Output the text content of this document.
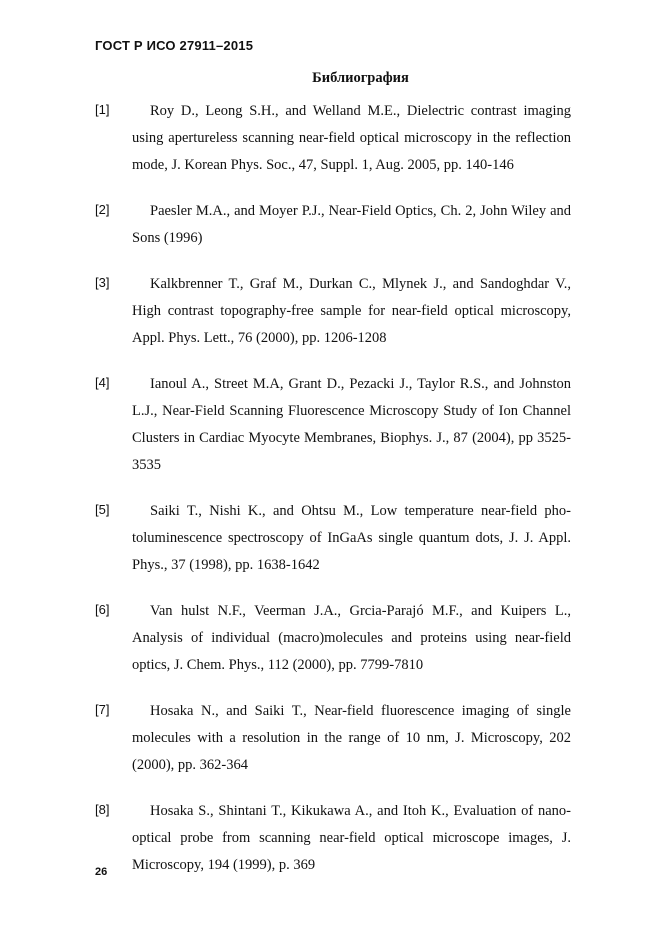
ГОСТ Р ИСО 27911–2015
Библиография
[1]	Roy D., Leong S.H., and Welland M.E., Dielectric contrast imaging using apertureless scanning near-field optical microscopy in the reflection mode, J. Korean Phys. Soc., 47, Suppl. 1, Aug. 2005, pp. 140-146
[2]	Paesler M.A., and Moyer P.J., Near-Field Optics, Ch. 2, John Wiley and Sons (1996)
[3]	Kalkbrenner T., Graf M., Durkan C., Mlynek J., and Sandoghdar V., High contrast topography-free sample for near-field optical microscopy, Appl. Phys. Lett., 76 (2000), pp. 1206-1208
[4]	Ianoul A., Street M.A, Grant D., Pezacki J., Taylor R.S., and Johnston L.J., Near-Field Scanning Fluorescence Microscopy Study of Ion Channel Clusters in Cardiac Myocyte Membranes, Biophys. J., 87 (2004), pp 3525-3535
[5]	Saiki T., Nishi K., and Ohtsu M., Low temperature near-field photoluminescence spectroscopy of InGaAs single quantum dots, J. J. Appl. Phys., 37 (1998), pp. 1638-1642
[6]	Van hulst N.F., Veerman J.A., Grcia-Parajó M.F., and Kuipers L., Analysis of individual (macro)molecules and proteins using near-field optics, J. Chem. Phys., 112 (2000), pp. 7799-7810
[7]	Hosaka N., and Saiki T., Near-field fluorescence imaging of single molecules with a resolution in the range of 10 nm, J. Microscopy, 202 (2000), pp. 362-364
[8]	Hosaka S., Shintani T., Kikukawa A., and Itoh K., Evaluation of nano-optical probe from scanning near-field optical microscope images, J. Microscopy, 194 (1999), p. 369
26
